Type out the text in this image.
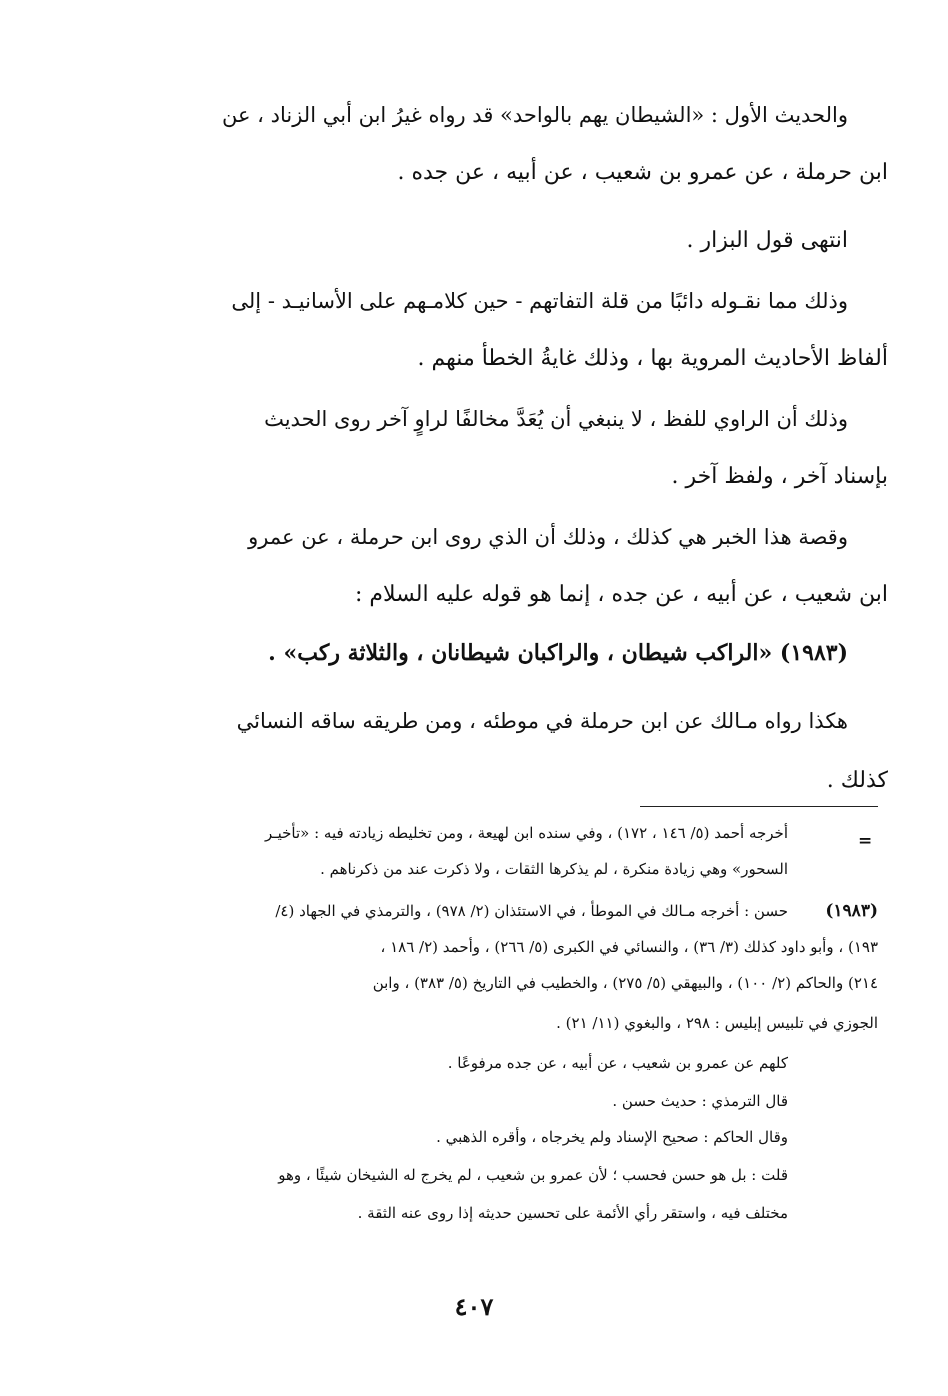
والحديث الأول : «الشيطان يهم بالواحد» قد رواه غيرُ ابن أبي الزناد ، عن
ابن حرملة ، عن عمرو بن شعيب ، عن أبيه ، عن جده .
انتهى قول البزار .
وذلك مما نقـوله دائبًا من قلة التفاتهم - حين كلامـهم على الأسانيـد - إلى
ألفاظ الأحاديث المروية بها ، وذلك غايةُ الخطأ منهم .
وذلك أن الراوي للفظ ، لا ينبغي أن يُعَدَّ مخالفًا لراوٍ آخر روى الحديث
بإسناد آخر ، ولفظ آخر .
وقصة هذا الخبر هي كذلك ، وذلك أن الذي روى ابن حرملة ، عن عمرو
ابن شعيب ، عن أبيه ، عن جده ، إنما هو قوله عليه السلام :
(١٩٨٣) «الراكب شيطان ، والراكبان شيطانان ، والثلاثة ركب» .
هكذا رواه مـالك عن ابن حرملة في موطئه ، ومن طريقه ساقه النسائي
كذلك .
=
أخرجه أحمد (٥/ ١٤٦ ، ١٧٢) ، وفي سنده ابن لهيعة ، ومن تخليطه زيادته فيه : «تأخيـر
السحور» وهي زيادة منكرة ، لم يذكرها الثقات ، ولا ذكرت عند من ذكرناهم .
(١٩٨٣)
حسن : أخرجه مـالك في الموطأ ، في الاستئذان (٢/ ٩٧٨) ، والترمذي في الجهاد (٤/
١٩٣) ، وأبو داود كذلك (٣/ ٣٦) ، والنسائي في الكبرى (٥/ ٢٦٦) ، وأحمد (٢/ ١٨٦ ،
٢١٤) والحاكم (٢/ ١٠٠) ، والبيهقي (٥/ ٢٧٥) ، والخطيب في التاريخ (٥/ ٣٨٣) ، وابن
الجوزي في تلبيس إبليس : ٢٩٨ ، والبغوي (١١/ ٢١) .
كلهم عن عمرو بن شعيب ، عن أبيه ، عن جده مرفوعًا .
قال الترمذي : حديث حسن .
وقال الحاكم : صحيح الإسناد ولم يخرجاه ، وأقره الذهبي .
قلت : بل هو حسن فحسب ؛ لأن عمرو بن شعيب ، لم يخرج له الشيخان شيئًا ، وهو
مختلف فيه ، واستقر رأي الأئمة على تحسين حديثه إذا روى عنه الثقة .
٤٠٧
